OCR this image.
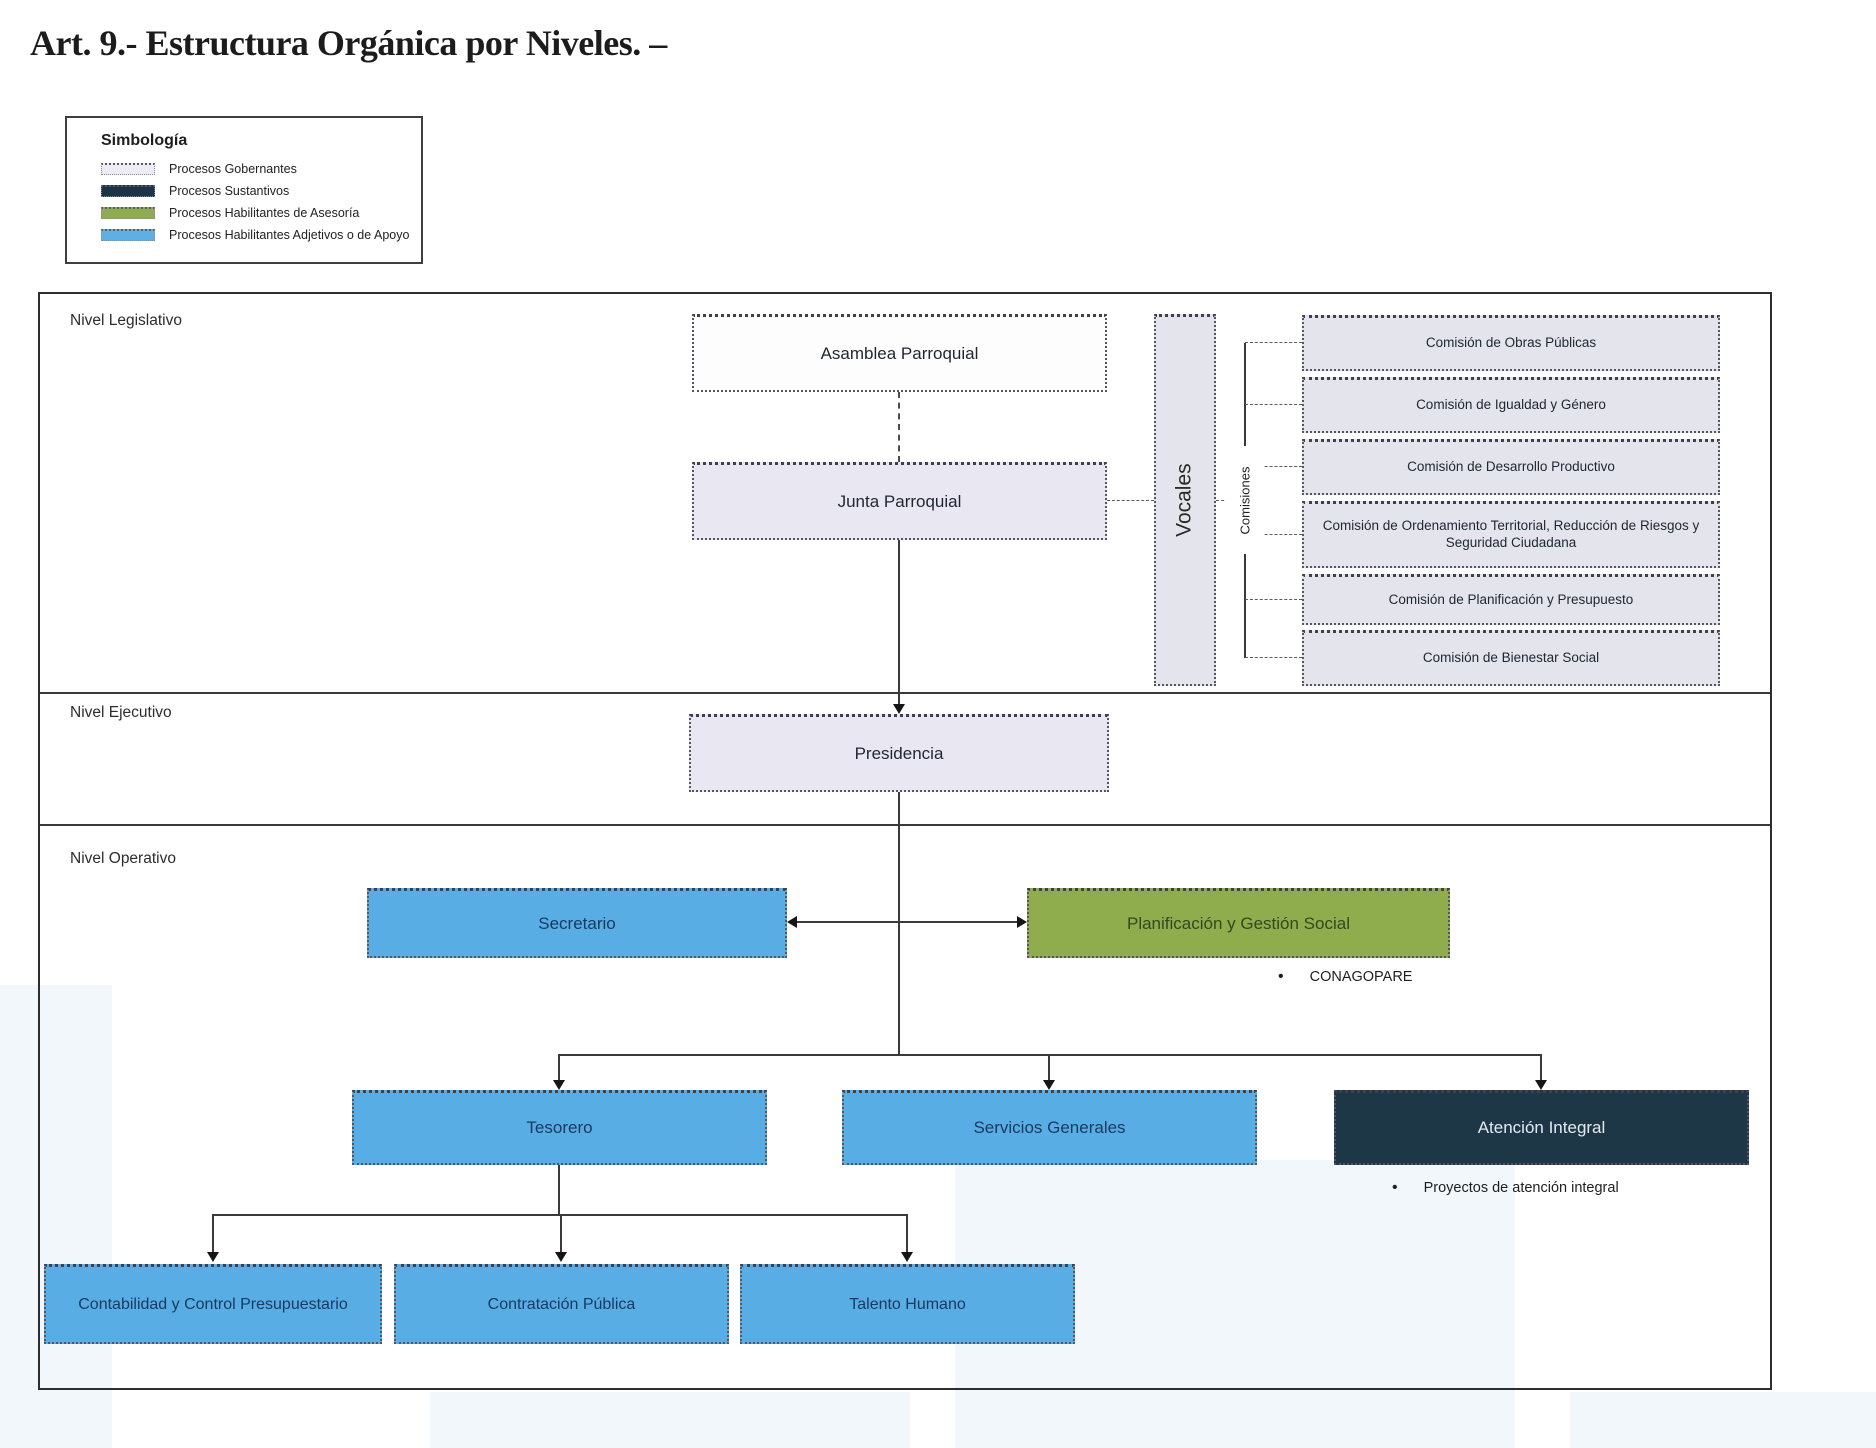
Art. 9.- Estructura Orgánica por Niveles. –
Simbología
Procesos Gobernantes
Procesos Sustantivos
Procesos Habilitantes de Asesoría
Procesos Habilitantes Adjetivos o de Apoyo
Nivel Legislativo
Nivel Ejecutivo
Nivel Operativo
Asamblea Parroquial
Junta Parroquial	Vocales	Comisiones
Comisión de Obras Públicas
Comisión de Igualdad y Género
Comisión de Desarrollo Productivo
Comisión de Ordenamiento Territorial, Reducción de Riesgos y Seguridad Ciudadana
Comisión de Planificación y Presupuesto
Comisión de Bienestar Social
Presidencia
Secretario	Planificación y Gestión Social
• CONAGOPARE
Tesorero	Servicios Generales	Atención Integral
• Proyectos de atención integral
Contabilidad y Control Presupuestario	Contratación Pública	Talento Humano
